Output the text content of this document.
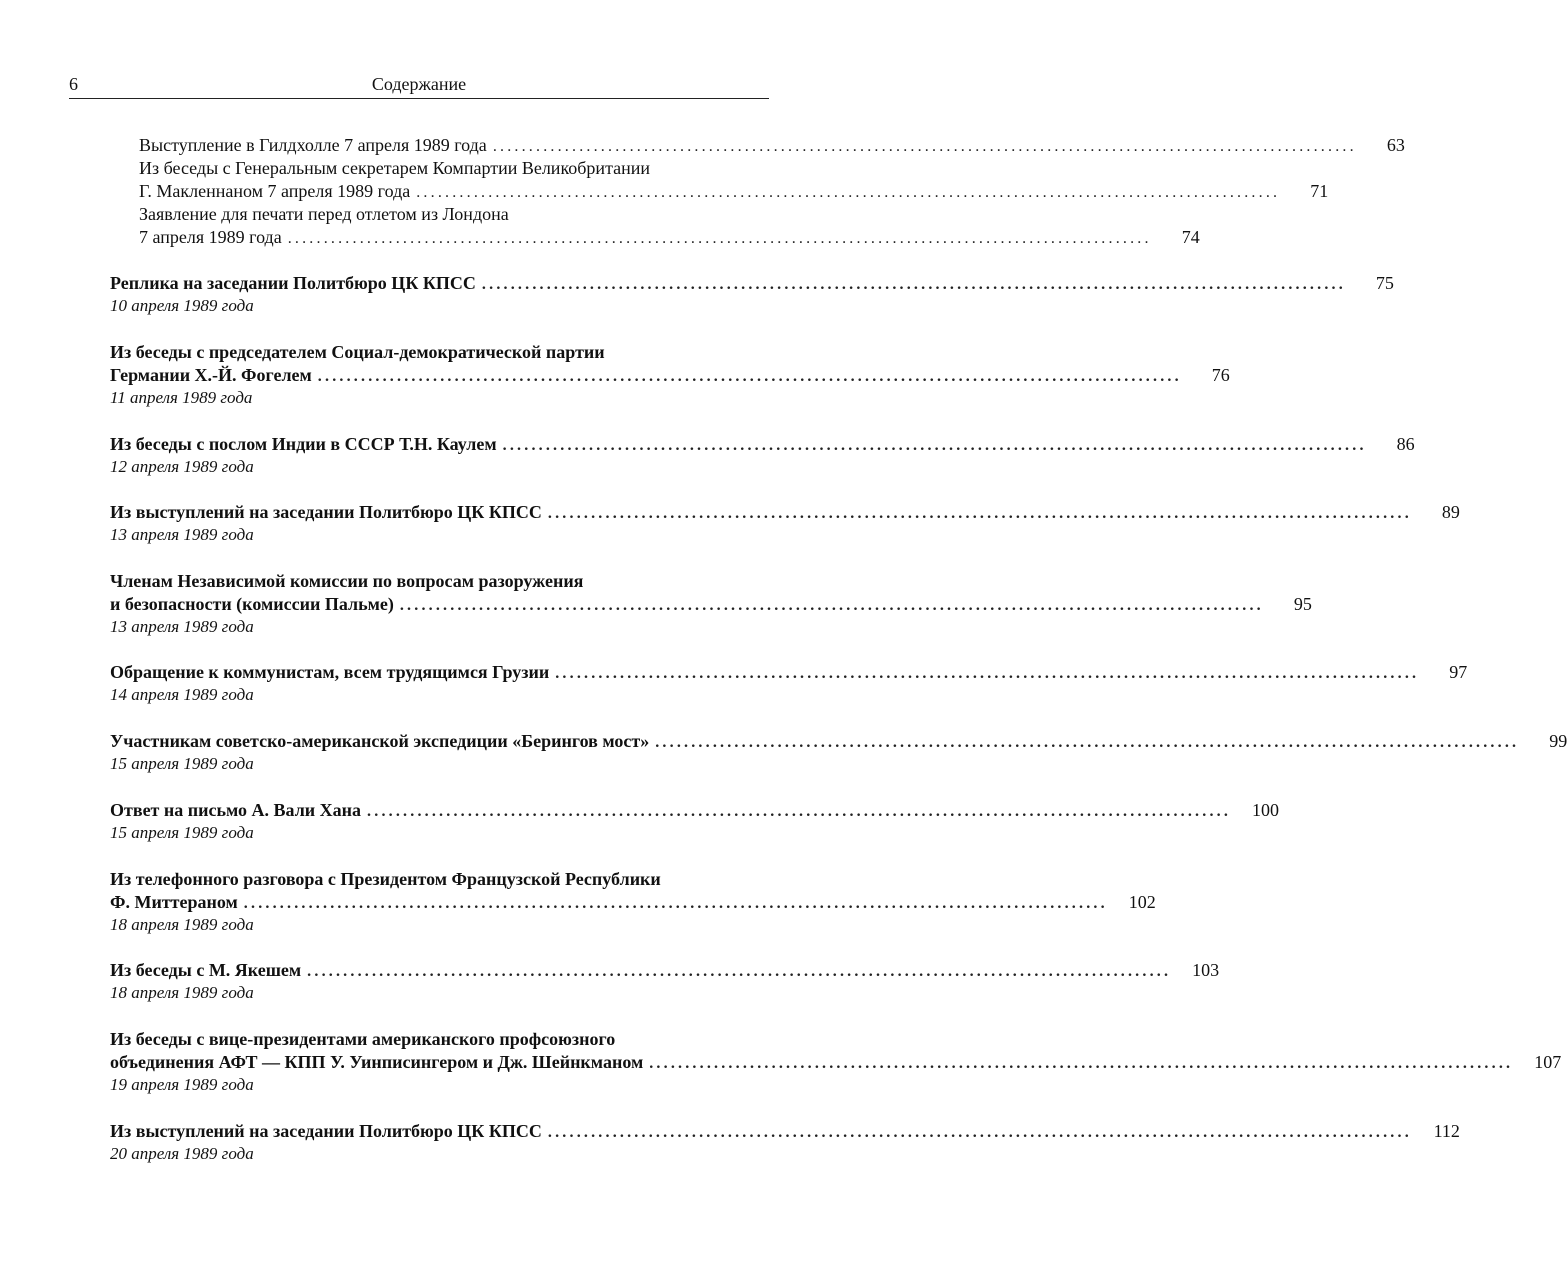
6	Содержание
Выступление в Гилдхолле 7 апреля 1989 года ........................................................................................................................	63
Из беседы с Генеральным секретарем Компартии Великобритании
Г. Макленнаном 7 апреля 1989 года ........................................................................................................................	71
Заявление для печати перед отлетом из Лондона
7 апреля 1989 года ........................................................................................................................	74
Реплика на заседании Политбюро ЦК КПСС ........................................................................................................................	75
10 апреля 1989 года
Из беседы с председателем Социал-демократической партии
Германии Х.-Й. Фогелем ........................................................................................................................	76
11 апреля 1989 года
Из беседы с послом Индии в СССР Т.Н. Каулем ........................................................................................................................	86
12 апреля 1989 года
Из выступлений на заседании Политбюро ЦК КПСС ........................................................................................................................	89
13 апреля 1989 года
Членам Независимой комиссии по вопросам разоружения
и безопасности (комиссии Пальме) ........................................................................................................................	95
13 апреля 1989 года
Обращение к коммунистам, всем трудящимся Грузии ........................................................................................................................	97
14 апреля 1989 года
Участникам советско-американской экспедиции «Берингов мост» ........................................................................................................................	99
15 апреля 1989 года
Ответ на письмо А. Вали Хана ........................................................................................................................	100
15 апреля 1989 года
Из телефонного разговора с Президентом Французской Республики
Ф. Миттераном ........................................................................................................................	102
18 апреля 1989 года
Из беседы с М. Якешем ........................................................................................................................	103
18 апреля 1989 года
Из беседы с вице-президентами американского профсоюзного
объединения АФТ — КПП У. Уинписингером и Дж. Шейнкманом ........................................................................................................................	107
19 апреля 1989 года
Из выступлений на заседании Политбюро ЦК КПСС ........................................................................................................................	112
20 апреля 1989 года
